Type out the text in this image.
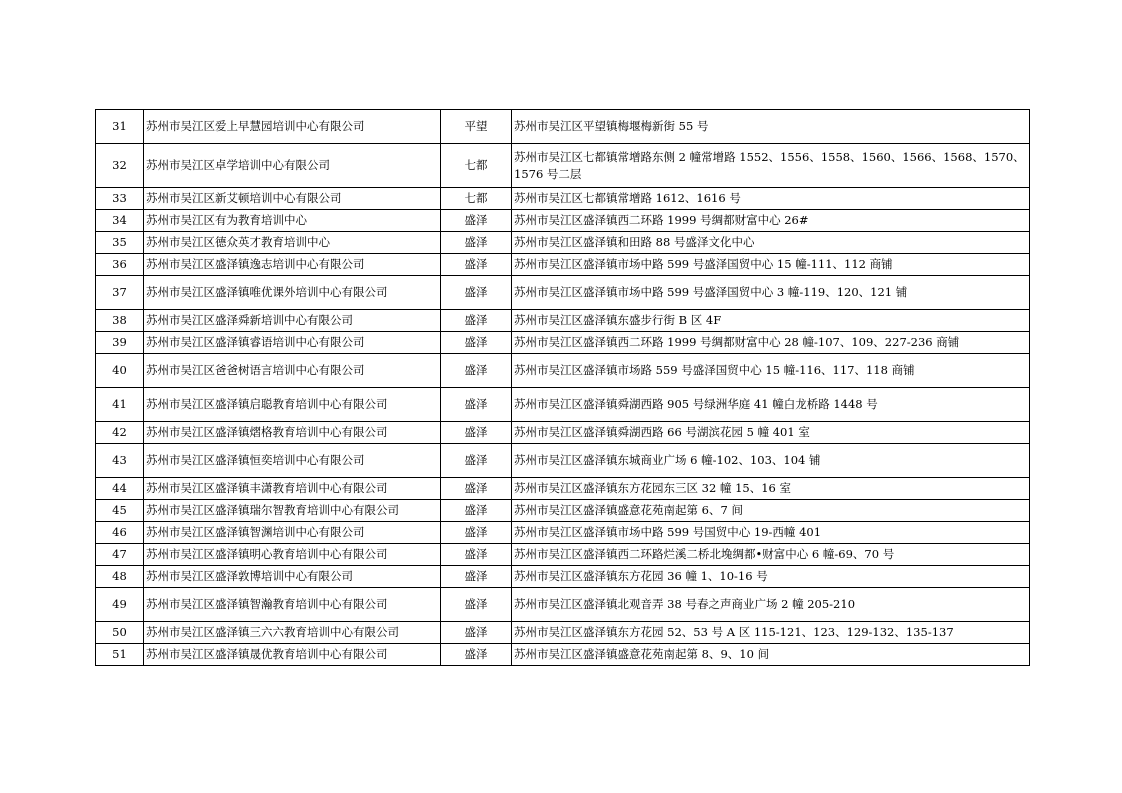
31	苏州市吴江区爱上早慧园培训中心有限公司	平望	苏州市吴江区平望镇梅堰梅新街 55 号
32	苏州市吴江区卓学培训中心有限公司	七都	苏州市吴江区七都镇常增路东侧 2 幢常增路 1552、1556、1558、1560、1566、1568、1570、1576 号二层
33	苏州市吴江区新艾顿培训中心有限公司	七都	苏州市吴江区七都镇常增路 1612、1616 号
34	苏州市吴江区有为教育培训中心	盛泽	苏州市吴江区盛泽镇西二环路 1999 号绸都财富中心 26#
35	苏州市吴江区德众英才教育培训中心	盛泽	苏州市吴江区盛泽镇和田路 88 号盛泽文化中心
36	苏州市吴江区盛泽镇逸志培训中心有限公司	盛泽	苏州市吴江区盛泽镇市场中路 599 号盛泽国贸中心 15 幢-111、112 商铺
37	苏州市吴江区盛泽镇唯优课外培训中心有限公司	盛泽	苏州市吴江区盛泽镇市场中路 599 号盛泽国贸中心 3 幢-119、120、121 铺
38	苏州市吴江区盛泽舜新培训中心有限公司	盛泽	苏州市吴江区盛泽镇东盛步行街 B 区 4F
39	苏州市吴江区盛泽镇睿语培训中心有限公司	盛泽	苏州市吴江区盛泽镇西二环路 1999 号绸都财富中心 28 幢-107、109、227-236 商铺
40	苏州市吴江区爸爸树语言培训中心有限公司	盛泽	苏州市吴江区盛泽镇市场路 559 号盛泽国贸中心 15 幢-116、117、118 商铺
41	苏州市吴江区盛泽镇启聪教育培训中心有限公司	盛泽	苏州市吴江区盛泽镇舜湖西路 905 号绿洲华庭 41 幢白龙桥路 1448 号
42	苏州市吴江区盛泽镇熠格教育培训中心有限公司	盛泽	苏州市吴江区盛泽镇舜湖西路 66 号湖滨花园 5 幢 401 室
43	苏州市吴江区盛泽镇恒奕培训中心有限公司	盛泽	苏州市吴江区盛泽镇东城商业广场 6 幢-102、103、104 铺
44	苏州市吴江区盛泽镇丰潇教育培训中心有限公司	盛泽	苏州市吴江区盛泽镇东方花园东三区 32 幢 15、16 室
45	苏州市吴江区盛泽镇瑞尔智教育培训中心有限公司	盛泽	苏州市吴江区盛泽镇盛意花苑南起第 6、7 间
46	苏州市吴江区盛泽镇智渊培训中心有限公司	盛泽	苏州市吴江区盛泽镇市场中路 599 号国贸中心 19-西幢 401
47	苏州市吴江区盛泽镇明心教育培训中心有限公司	盛泽	苏州市吴江区盛泽镇西二环路烂溪二桥北堍绸都•财富中心 6 幢-69、70 号
48	苏州市吴江区盛泽敦博培训中心有限公司	盛泽	苏州市吴江区盛泽镇东方花园 36 幢 1、10-16 号
49	苏州市吴江区盛泽镇智瀚教育培训中心有限公司	盛泽	苏州市吴江区盛泽镇北观音弄 38 号春之声商业广场 2 幢 205-210
50	苏州市吴江区盛泽镇三六六教育培训中心有限公司	盛泽	苏州市吴江区盛泽镇东方花园 52、53 号 A 区 115-121、123、129-132、135-137
51	苏州市吴江区盛泽镇晟优教育培训中心有限公司	盛泽	苏州市吴江区盛泽镇盛意花苑南起第 8、9、10 间
